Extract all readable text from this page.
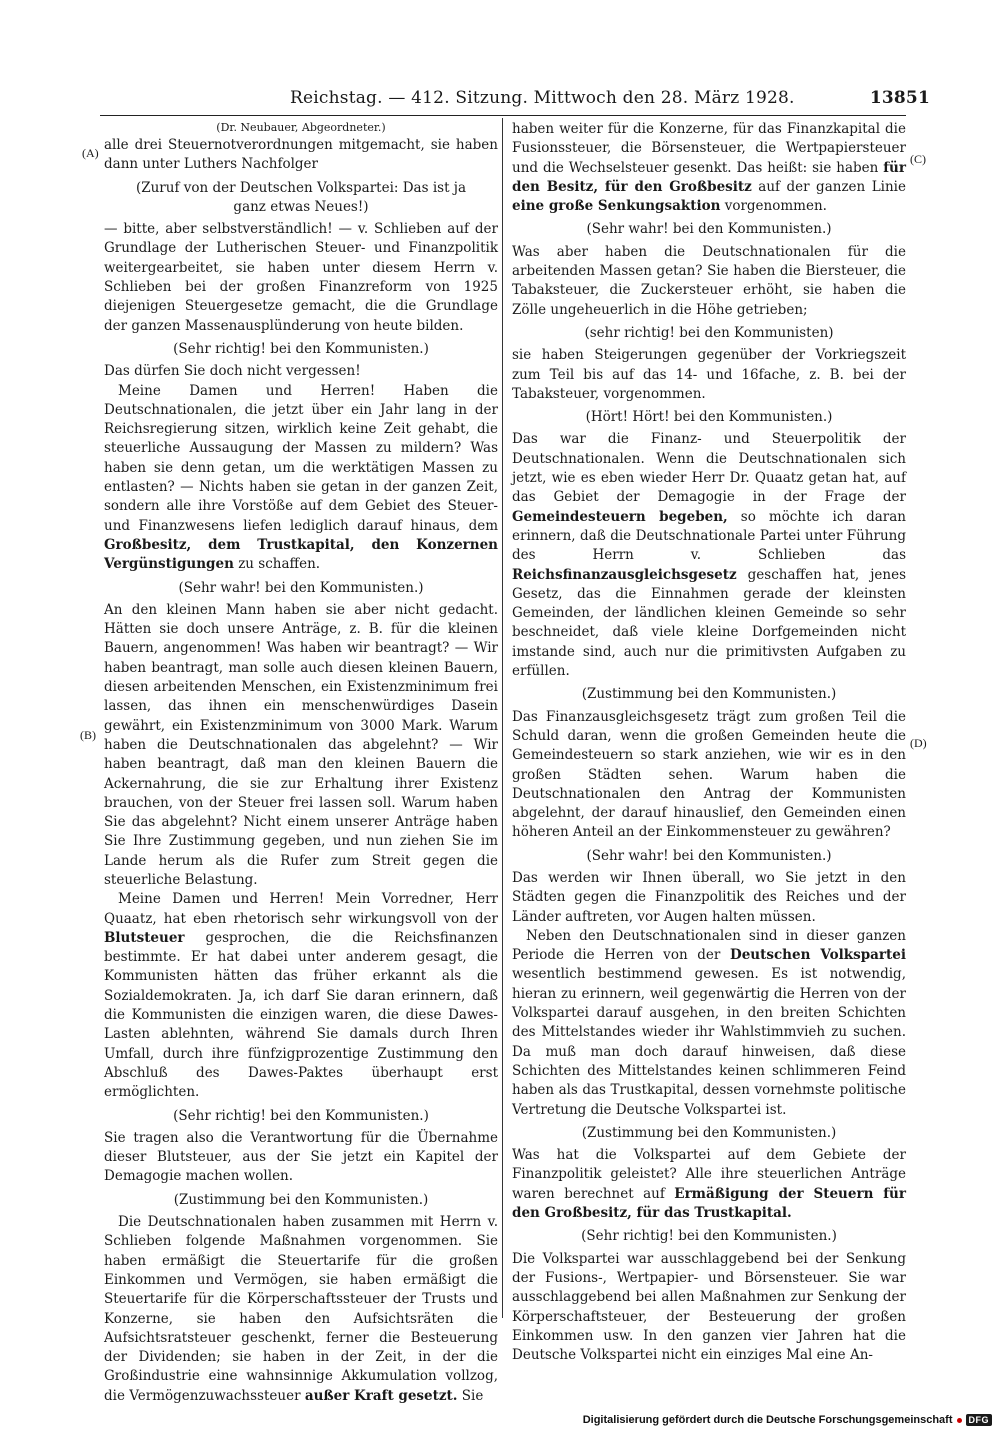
Reichstag. — 412. Sitzung. Mittwoch den 28. März 1928.	13851
(A)
(B)
(C)
(D)

(Dr. Neubauer, Abgeordneter.)

alle drei Steuernotverordnungen mitgemacht, sie haben dann unter Luthers Nachfolger

(Zuruf von der Deutschen Volkspartei: Das ist ja ganz etwas Neues!)

— bitte, aber selbstverständlich! — v. Schlieben auf der Grundlage der Lutherischen Steuer- und Finanzpolitik weitergearbeitet, sie haben unter diesem Herrn v. Schlieben bei der großen Finanzreform von 1925 diejenigen Steuergesetze gemacht, die die Grundlage der ganzen Massenausplünderung von heute bilden.

(Sehr richtig! bei den Kommunisten.)

Das dürfen Sie doch nicht vergessen!

Meine Damen und Herren! Haben die Deutschnationalen, die jetzt über ein Jahr lang in der Reichsregierung sitzen, wirklich keine Zeit gehabt, die steuerliche Aussaugung der Massen zu mildern? Was haben sie denn getan, um die werktätigen Massen zu entlasten? — Nichts haben sie getan in der ganzen Zeit, sondern alle ihre Vorstöße auf dem Gebiet des Steuer- und Finanzwesens liefen lediglich darauf hinaus, dem Großbesitz, dem Trustkapital, den Konzernen Vergünstigungen zu schaffen.

(Sehr wahr! bei den Kommunisten.)

An den kleinen Mann haben sie aber nicht gedacht. Hätten sie doch unsere Anträge, z. B. für die kleinen Bauern, angenommen! Was haben wir beantragt? — Wir haben beantragt, man solle auch diesen kleinen Bauern, diesen arbeitenden Menschen, ein Existenzminimum frei lassen, das ihnen ein menschenwürdiges Dasein gewährt, ein Existenzminimum von 3000 Mark. Warum haben die Deutschnationalen das abgelehnt? — Wir haben beantragt, daß man den kleinen Bauern die Ackernahrung, die sie zur Erhaltung ihrer Existenz brauchen, von der Steuer frei lassen soll. Warum haben Sie das abgelehnt? Nicht einem unserer Anträge haben Sie Ihre Zustimmung gegeben, und nun ziehen Sie im Lande herum als die Rufer zum Streit gegen die steuerliche Belastung.

Meine Damen und Herren! Mein Vorredner, Herr Quaatz, hat eben rhetorisch sehr wirkungsvoll von der Blutsteuer gesprochen, die die Reichsfinanzen bestimmte. Er hat dabei unter anderem gesagt, die Kommunisten hätten das früher erkannt als die Sozialdemokraten. Ja, ich darf Sie daran erinnern, daß die Kommunisten die einzigen waren, die diese Dawes-Lasten ablehnten, während Sie damals durch Ihren Umfall, durch ihre fünfzigprozentige Zustimmung den Abschluß des Dawes-Paktes überhaupt erst ermöglichten.

(Sehr richtig! bei den Kommunisten.)

Sie tragen also die Verantwortung für die Übernahme dieser Blutsteuer, aus der Sie jetzt ein Kapitel der Demagogie machen wollen.

(Zustimmung bei den Kommunisten.)

Die Deutschnationalen haben zusammen mit Herrn v. Schlieben folgende Maßnahmen vorgenommen. Sie haben ermäßigt die Steuertarife für die großen Einkommen und Vermögen, sie haben ermäßigt die Steuertarife für die Körperschaftssteuer der Trusts und Konzerne, sie haben den Aufsichtsräten die Aufsichtsratsteuer geschenkt, ferner die Besteuerung der Dividenden; sie haben in der Zeit, in der die Großindustrie eine wahnsinnige Akkumulation vollzog, die Vermögenzuwachssteuer außer Kraft gesetzt. Sie

haben weiter für die Konzerne, für das Finanzkapital die Fusionssteuer, die Börsensteuer, die Wertpapiersteuer und die Wechselsteuer gesenkt. Das heißt: sie haben für den Besitz, für den Großbesitz auf der ganzen Linie eine große Senkungsaktion vorgenommen.

(Sehr wahr! bei den Kommunisten.)

Was aber haben die Deutschnationalen für die arbeitenden Massen getan? Sie haben die Biersteuer, die Tabaksteuer, die Zuckersteuer erhöht, sie haben die Zölle ungeheuerlich in die Höhe getrieben;

(sehr richtig! bei den Kommunisten)

sie haben Steigerungen gegenüber der Vorkriegszeit zum Teil bis auf das 14- und 16fache, z. B. bei der Tabaksteuer, vorgenommen.

(Hört! Hört! bei den Kommunisten.)

Das war die Finanz- und Steuerpolitik der Deutschnationalen. Wenn die Deutschnationalen sich jetzt, wie es eben wieder Herr Dr. Quaatz getan hat, auf das Gebiet der Demagogie in der Frage der Gemeindesteuern begeben, so möchte ich daran erinnern, daß die Deutschnationale Partei unter Führung des Herrn v. Schlieben das Reichsfinanzausgleichsgesetz geschaffen hat, jenes Gesetz, das die Einnahmen gerade der kleinsten Gemeinden, der ländlichen kleinen Gemeinde so sehr beschneidet, daß viele kleine Dorfgemeinden nicht imstande sind, auch nur die primitivsten Aufgaben zu erfüllen.

(Zustimmung bei den Kommunisten.)

Das Finanzausgleichsgesetz trägt zum großen Teil die Schuld daran, wenn die großen Gemeinden heute die Gemeindesteuern so stark anziehen, wie wir es in den großen Städten sehen. Warum haben die Deutschnationalen den Antrag der Kommunisten abgelehnt, der darauf hinauslief, den Gemeinden einen höheren Anteil an der Einkommensteuer zu gewähren?

(Sehr wahr! bei den Kommunisten.)

Das werden wir Ihnen überall, wo Sie jetzt in den Städten gegen die Finanzpolitik des Reiches und der Länder auftreten, vor Augen halten müssen.

Neben den Deutschnationalen sind in dieser ganzen Periode die Herren von der Deutschen Volkspartei wesentlich bestimmend gewesen. Es ist notwendig, hieran zu erinnern, weil gegenwärtig die Herren von der Volkspartei darauf ausgehen, in den breiten Schichten des Mittelstandes wieder ihr Wahlstimmvieh zu suchen. Da muß man doch darauf hinweisen, daß diese Schichten des Mittelstandes keinen schlimmeren Feind haben als das Trustkapital, dessen vornehmste politische Vertretung die Deutsche Volkspartei ist.

(Zustimmung bei den Kommunisten.)

Was hat die Volkspartei auf dem Gebiete der Finanzpolitik geleistet? Alle ihre steuerlichen Anträge waren berechnet auf Ermäßigung der Steuern für den Großbesitz, für das Trustkapital.

(Sehr richtig! bei den Kommunisten.)

Die Volkspartei war ausschlaggebend bei der Senkung der Fusions-, Wertpapier- und Börsensteuer. Sie war ausschlaggebend bei allen Maßnahmen zur Senkung der Körperschaftsteuer, der Besteuerung der großen Einkommen usw. In den ganzen vier Jahren hat die Deutsche Volkspartei nicht ein einziges Mal eine An-

Digitalisierung gefördert durch die Deutsche Forschungsgemeinschaft	DFG
